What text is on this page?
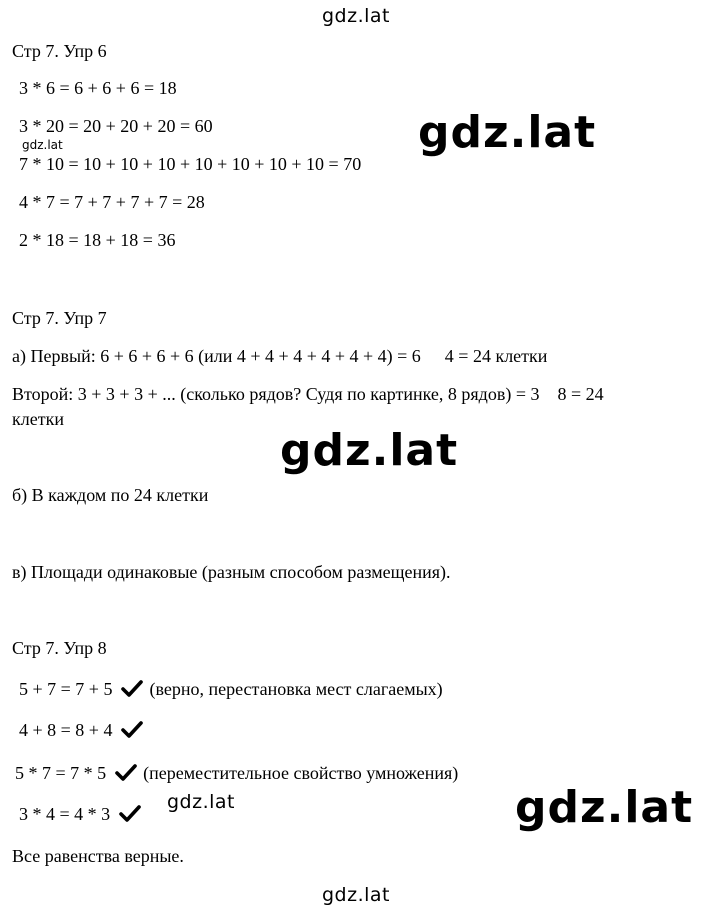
gdz.lat
gdz.lat	gdz.lat
gdz.lat
gdz.lat	gdz.lat
gdz.lat

Стр 7. Упр 6

3 * 6 = 6 + 6 + 6 = 18

3 * 20 = 20 + 20 + 20 = 60

7 * 10 = 10 + 10 + 10 + 10 + 10 + 10 + 10 = 70

4 * 7 = 7 + 7 + 7 + 7 = 28

2 * 18 = 18 + 18 = 36

Стр 7. Упр 7

а) Первый: 6 + 6 + 6 + 6 (или 4 + 4 + 4 + 4 + 4 + 4) = 6 4 = 24 клетки

Второй: 3 + 3 + 3 + ... (сколько рядов? Судя по картинке, 8 рядов) = 3 8 = 24

клетки

б) В каждом по 24 клетки

в) Площади одинаковые (разным способом размещения).

Стр 7. Упр 8

5 + 7 = 7 + 5 (верно, перестановка мест слагаемых)

4 + 8 = 8 + 4

5 * 7 = 7 * 5 (переместительное свойство умножения)

3 * 4 = 4 * 3

Все равенства верные.
